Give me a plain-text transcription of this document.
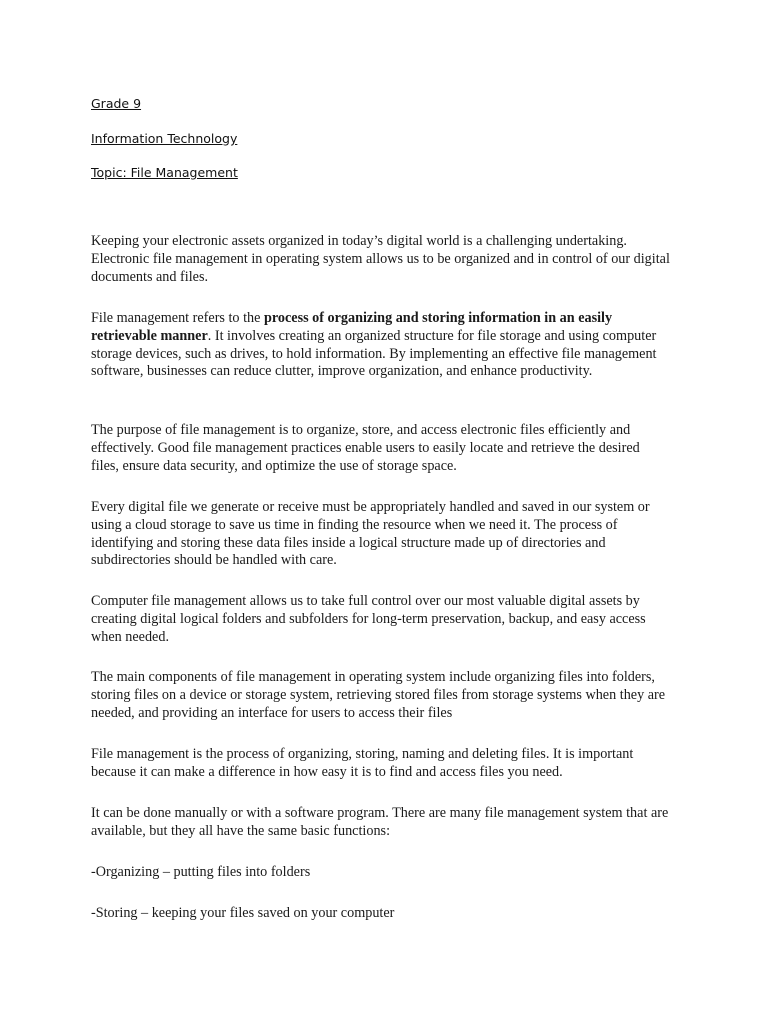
Grade 9

Information Technology

Topic: File Management

Keeping your electronic assets organized in today’s digital world is a challenging undertaking. Electronic file management in operating system allows us to be organized and in control of our digital documents and files.

File management refers to the process of organizing and storing information in an easily retrievable manner. It involves creating an organized structure for file storage and using computer storage devices, such as drives, to hold information. By implementing an effective file management software, businesses can reduce clutter, improve organization, and enhance productivity.

The purpose of file management is to organize, store, and access electronic files efficiently and effectively. Good file management practices enable users to easily locate and retrieve the desired files, ensure data security, and optimize the use of storage space.

Every digital file we generate or receive must be appropriately handled and saved in our system or using a cloud storage to save us time in finding the resource when we need it. The process of identifying and storing these data files inside a logical structure made up of directories and subdirectories should be handled with care.

Computer file management allows us to take full control over our most valuable digital assets by creating digital logical folders and subfolders for long-term preservation, backup, and easy access when needed.

The main components of file management in operating system include organizing files into folders, storing files on a device or storage system, retrieving stored files from storage systems when they are needed, and providing an interface for users to access their files

File management is the process of organizing, storing, naming and deleting files. It is important because it can make a difference in how easy it is to find and access files you need.

It can be done manually or with a software program. There are many file management system that are available, but they all have the same basic functions:

-Organizing – putting files into folders

-Storing – keeping your files saved on your computer
